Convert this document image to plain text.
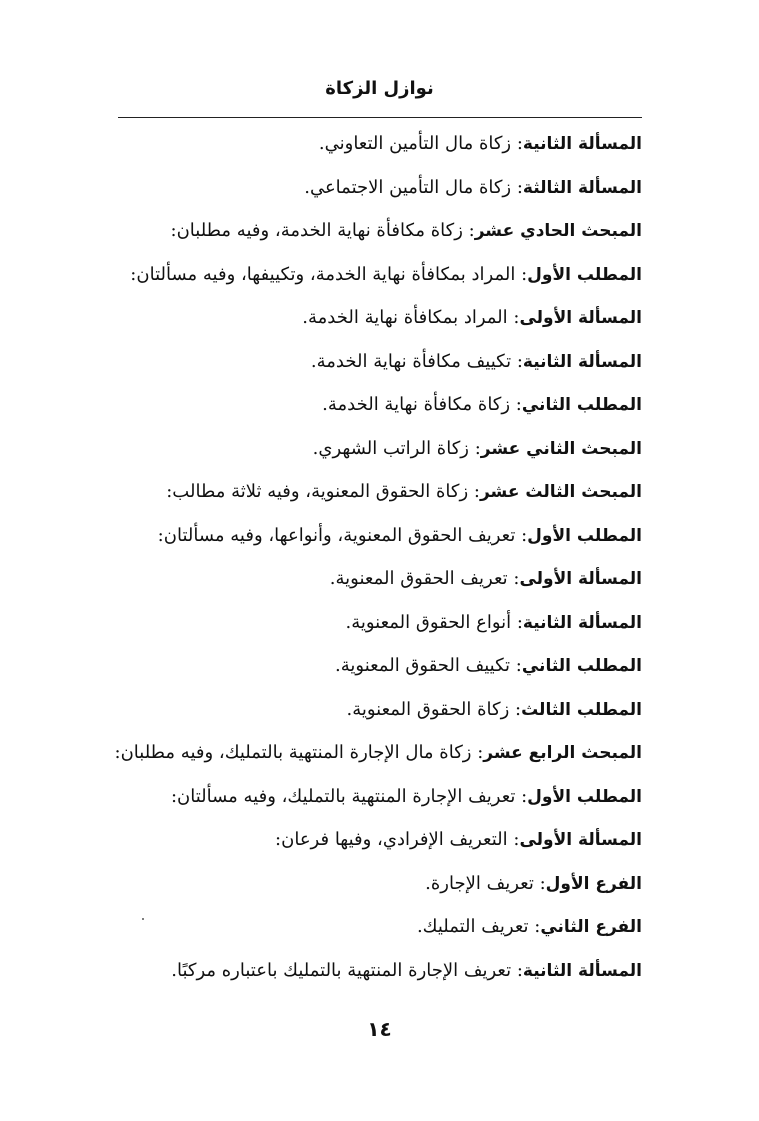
نوازل الزكاة
المسألة الثانية: زكاة مال التأمين التعاوني.
المسألة الثالثة: زكاة مال التأمين الاجتماعي.
المبحث الحادي عشر: زكاة مكافأة نهاية الخدمة، وفيه مطلبان:
المطلب الأول: المراد بمكافأة نهاية الخدمة، وتكييفها، وفيه مسألتان:
المسألة الأولى: المراد بمكافأة نهاية الخدمة.
المسألة الثانية: تكييف مكافأة نهاية الخدمة.
المطلب الثاني: زكاة مكافأة نهاية الخدمة.
المبحث الثاني عشر: زكاة الراتب الشهري.
المبحث الثالث عشر: زكاة الحقوق المعنوية، وفيه ثلاثة مطالب:
المطلب الأول: تعريف الحقوق المعنوية، وأنواعها، وفيه مسألتان:
المسألة الأولى: تعريف الحقوق المعنوية.
المسألة الثانية: أنواع الحقوق المعنوية.
المطلب الثاني: تكييف الحقوق المعنوية.
المطلب الثالث: زكاة الحقوق المعنوية.
المبحث الرابع عشر: زكاة مال الإجارة المنتهية بالتمليك، وفيه مطلبان:
المطلب الأول: تعريف الإجارة المنتهية بالتمليك، وفيه مسألتان:
المسألة الأولى: التعريف الإفرادي، وفيها فرعان:
الفرع الأول: تعريف الإجارة.
الفرع الثاني: تعريف التمليك.
المسألة الثانية: تعريف الإجارة المنتهية بالتمليك باعتباره مركبًا.
١٤
